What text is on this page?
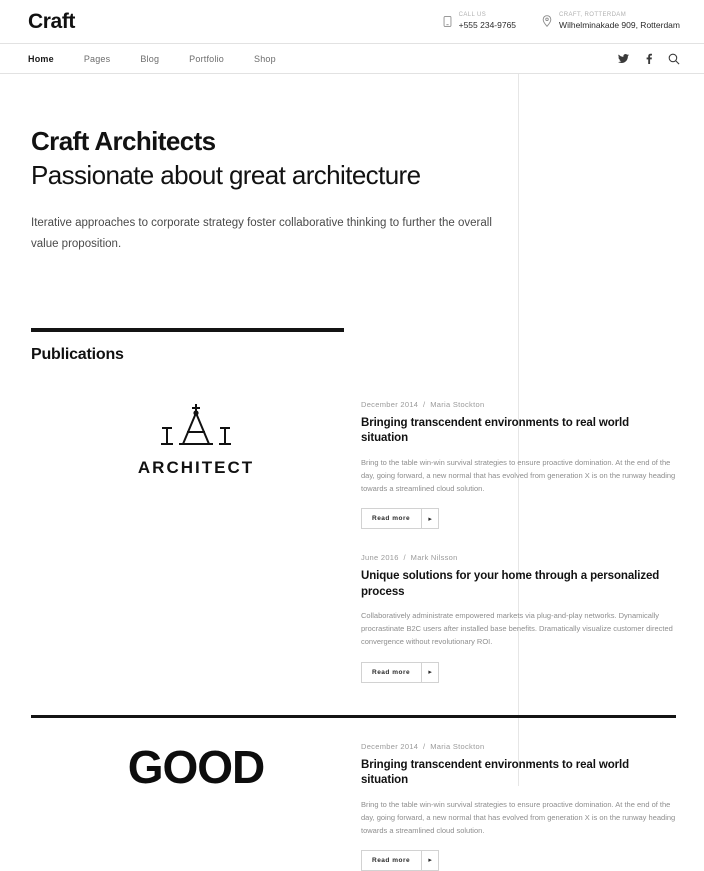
Craft	CALL US
+555 234-9765
CRAFT, ROTTERDAM
Wilhelminakade 909, Rotterdam
Home	Pages	Blog	Portfolio	Shop
Craft Architects
Passionate about great architecture

Iterative approaches to corporate strategy foster collaborative thinking to further the overall value proposition.

Publications
ARCHITECT
December 2014  /  Maria Stockton
Bringing transcendent environments to real world situation

Bring to the table win-win survival strategies to ensure proactive domination. At the end of the day, going forward, a new normal that has evolved from generation X is on the runway heading towards a streamlined cloud solution.

Read more	▸
June 2016  /  Mark Nilsson
Unique solutions for your home through a personalized process

Collaboratively administrate empowered markets via plug-and-play networks. Dynamically procrastinate B2C users after installed base benefits. Dramatically visualize customer directed convergence without revolutionary ROI.

Read more	▸
GOOD	December 2014  /  Maria Stockton
Bringing transcendent environments to real world situation

Bring to the table win-win survival strategies to ensure proactive domination. At the end of the day, going forward, a new normal that has evolved from generation X is on the runway heading towards a streamlined cloud solution.

Read more	▸
